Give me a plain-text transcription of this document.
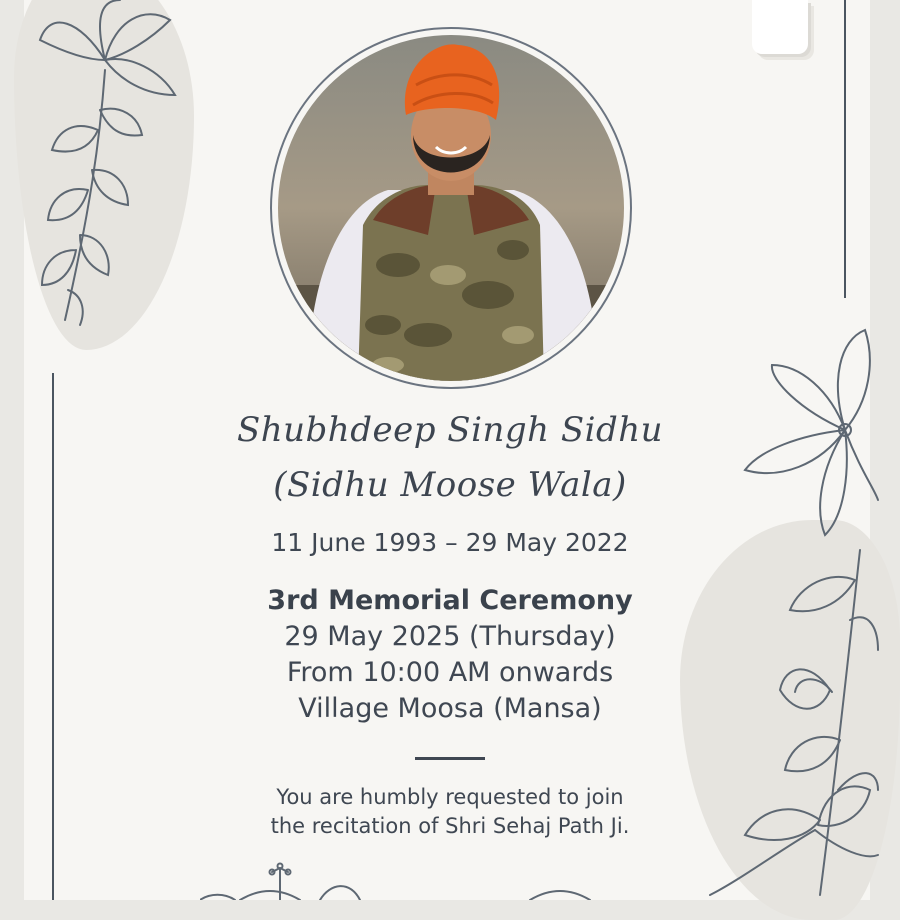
Shubhdeep Singh Sidhu
(Sidhu Moose Wala)
11 June 1993 – 29 May 2022
3rd Memorial Ceremony
29 May 2025 (Thursday)
From 10:00 AM onwards
Village Moosa (Mansa)
You are humbly requested to join
the recitation of Shri Sehaj Path Ji.
